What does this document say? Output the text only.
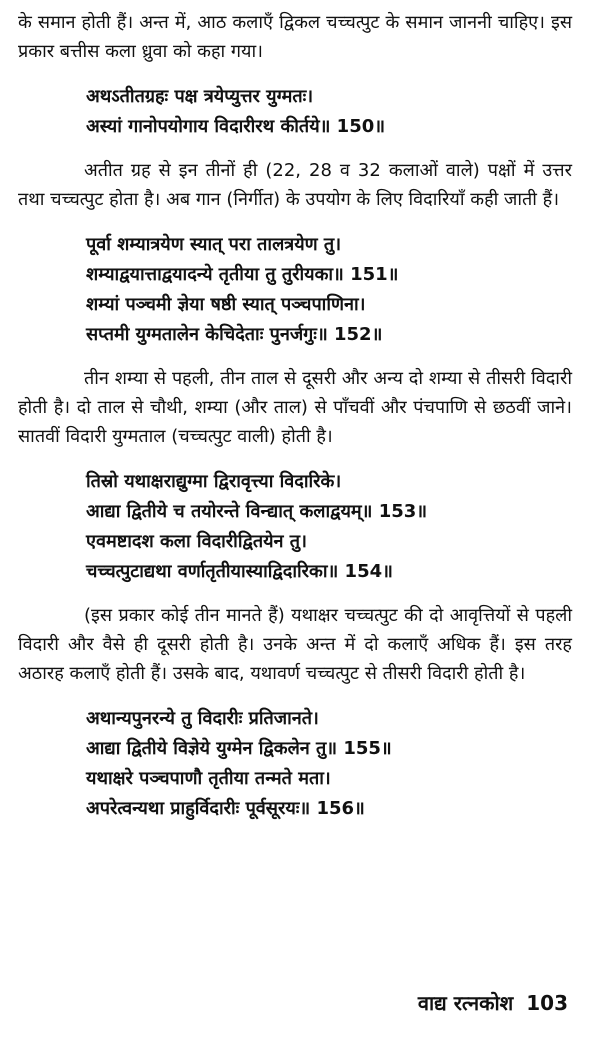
के समान होती हैं। अन्त में, आठ कलाएँ द्विकल चच्चत्पुट के समान जाननी चाहिए। इस प्रकार बत्तीस कला ध्रुवा को कहा गया।

अथऽतीतग्रहः पक्ष त्रयेप्युत्तर युग्मतः।
अस्यां गानोपयोगाय विदारीरथ कीर्तये॥ 150॥

अतीत ग्रह से इन तीनों ही (22, 28 व 32 कलाओं वाले) पक्षों में उत्तर तथा चच्चत्पुट होता है। अब गान (निर्गीत) के उपयोग के लिए विदारियाँ कही जाती हैं।

पूर्वा शम्यात्रयेण स्यात् परा तालत्रयेण तु।
शम्याद्वयात्ताद्वयादन्ये तृतीया तु तुरीयका॥ 151॥
शम्यां पञ्चमी ज्ञेया षष्ठी स्यात् पञ्चपाणिना।
सप्तमी युग्मतालेन केचिदेताः पुनर्जगुः॥ 152॥

तीन शम्या से पहली, तीन ताल से दूसरी और अन्य दो शम्या से तीसरी विदारी होती है। दो ताल से चौथी, शम्या (और ताल) से पाँचवीं और पंचपाणि से छठवीं जाने। सातवीं विदारी युग्मताल (चच्चत्पुट वाली) होती है।

तिस्रो यथाक्षराद्युग्मा द्विरावृत्त्या विदारिके।
आद्या द्वितीये च तयोरन्ते विन्द्यात् कलाद्वयम्॥ 153॥
एवमष्टादश कला विदारीद्वितयेन तु।
चच्चत्पुटाद्यथा वर्णातृतीयास्याद्विदारिका॥ 154॥

(इस प्रकार कोई तीन मानते हैं) यथाक्षर चच्चत्पुट की दो आवृत्तियों से पहली विदारी और वैसे ही दूसरी होती है। उनके अन्त में दो कलाएँ अधिक हैं। इस तरह अठारह कलाएँ होती हैं। उसके बाद, यथावर्ण चच्चत्पुट से तीसरी विदारी होती है।

अथान्यपुनरन्ये तु विदारीः प्रतिजानते।
आद्या द्वितीये विज्ञेये युग्मेन द्विकलेन तु॥ 155॥
यथाक्षरे पञ्चपाणौ तृतीया तन्मते मता।
अपरेत्वन्यथा प्राहुर्विदारीः पूर्वसूरयः॥ 156॥
वाद्य रत्नकोश 103
